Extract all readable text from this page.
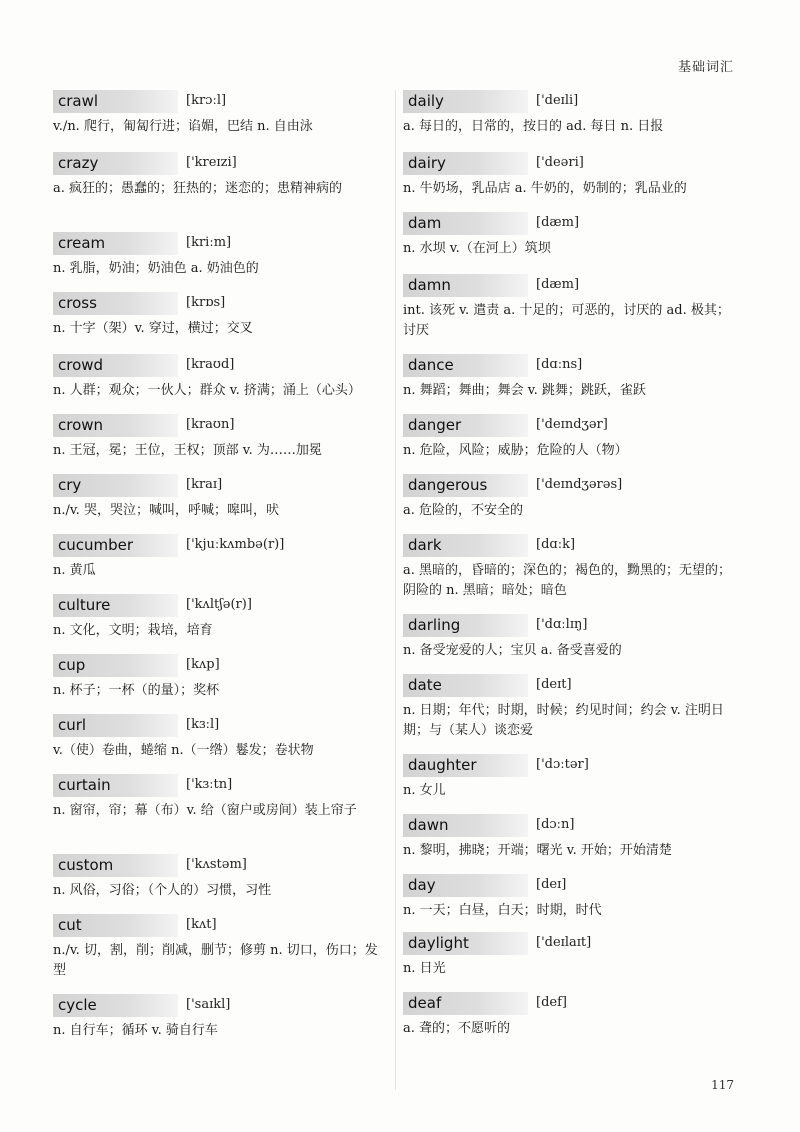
基础词汇
crawl	[krɔːl]
v./n. 爬行，匍匐行进；谄媚，巴结 n. 自由泳
crazy	['kreɪzi]
a. 疯狂的；愚蠢的；狂热的；迷恋的；患精神病的
cream	[kriːm]
n. 乳脂，奶油；奶油色 a. 奶油色的
cross	[krɒs]
n. 十字（架）v. 穿过，横过；交叉
crowd	[kraʊd]
n. 人群；观众；一伙人；群众 v. 挤满；涌上（心头）
crown	[kraʊn]
n. 王冠，冕；王位，王权；顶部 v. 为……加冕
cry	[kraɪ]
n./v. 哭，哭泣；喊叫，呼喊；嗥叫，吠
cucumber	['kjuːkʌmbə(r)]
n. 黄瓜
culture	['kʌltʃə(r)]
n. 文化，文明；栽培，培育
cup	[kʌp]
n. 杯子；一杯（的量）；奖杯
curl	[kɜːl]
v.（使）卷曲，蜷缩 n.（一绺）鬈发；卷状物
curtain	['kɜːtn]
n. 窗帘，帘；幕（布）v. 给（窗户或房间）装上帘子
custom	['kʌstəm]
n. 风俗，习俗；（个人的）习惯，习性
cut	[kʌt]
n./v. 切，割，削；削减，删节；修剪 n. 切口，伤口；发型
cycle	['saɪkl]
n. 自行车；循环 v. 骑自行车
daily	['deɪli]
a. 每日的，日常的，按日的 ad. 每日 n. 日报
dairy	['deəri]
n. 牛奶场，乳品店 a. 牛奶的，奶制的；乳品业的
dam	[dæm]
n. 水坝 v.（在河上）筑坝
damn	[dæm]
int. 该死 v. 遣责 a. 十足的；可恶的，讨厌的 ad. 极其；讨厌
dance	[dɑːns]
n. 舞蹈；舞曲；舞会 v. 跳舞；跳跃，雀跃
danger	['deɪndʒər]
n. 危险，风险；威胁；危险的人（物）
dangerous	['deɪndʒərəs]
a. 危险的，不安全的
dark	[dɑːk]
a. 黑暗的，昏暗的；深色的；褐色的，黝黑的；无望的；阴险的 n. 黑暗；暗处；暗色
darling	['dɑːlɪŋ]
n. 备受宠爱的人；宝贝 a. 备受喜爱的
date	[deɪt]
n. 日期；年代；时期，时候；约见时间；约会 v. 注明日期；与（某人）谈恋爱
daughter	['dɔːtər]
n. 女儿
dawn	[dɔːn]
n. 黎明，拂晓；开端；曙光 v. 开始；开始清楚
day	[deɪ]
n. 一天；白昼，白天；时期，时代
daylight	['deɪlaɪt]
n. 日光
deaf	[def]
a. 聋的；不愿听的
117
